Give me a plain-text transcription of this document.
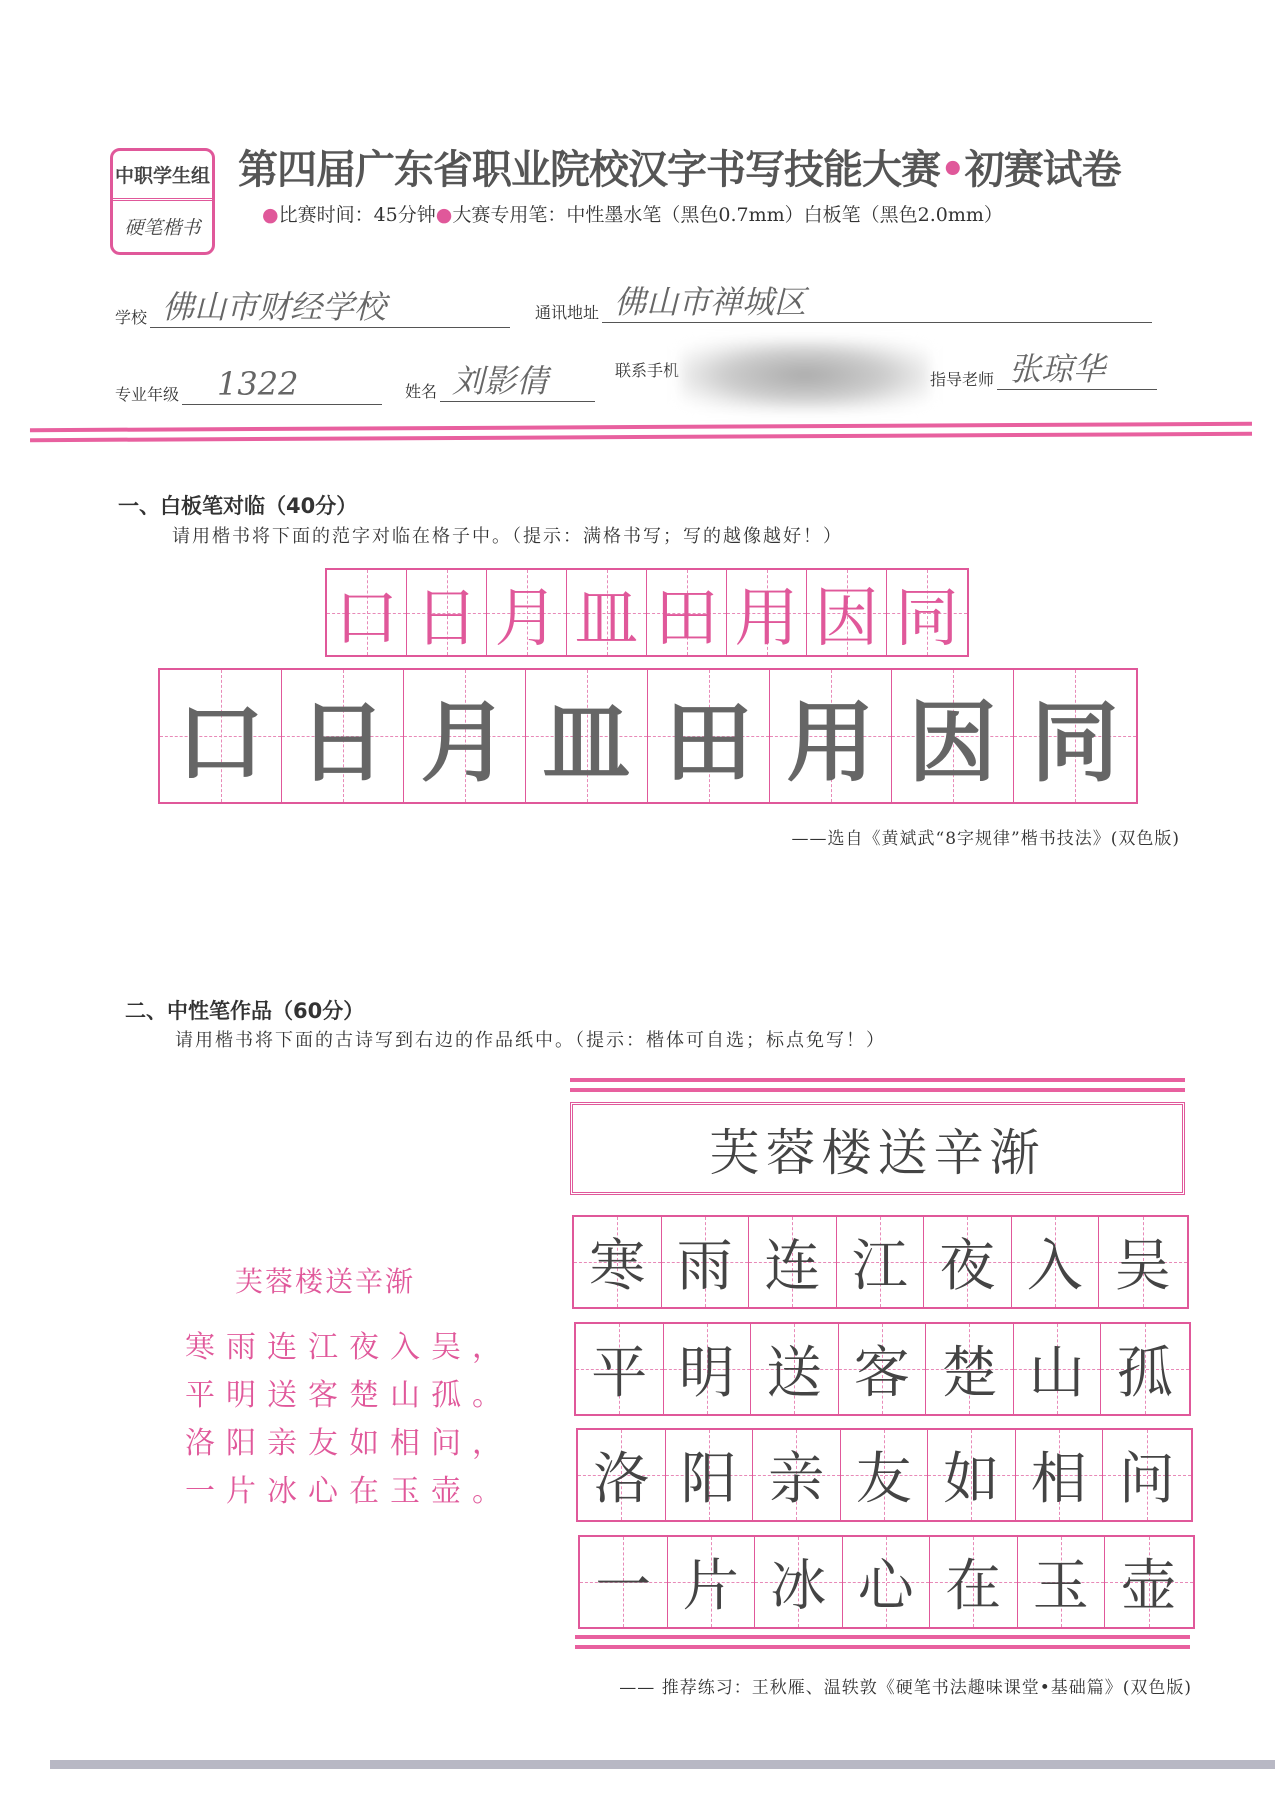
中职学生组
硬笔楷书
第四届广东省职业院校汉字书写技能大赛•初赛试卷
●比赛时间：45分钟●大赛专用笔：中性墨水笔（黑色0.7mm）白板笔（黑色2.0mm）
学校 佛山市财经学校	通讯地址 佛山市禅城区
专业年级	1322	姓名 刘影倩	联系手机	指导老师 张琼华
一、白板笔对临（40分）
请用楷书将下面的范字对临在格子中。（提示：满格书写；写的越像越好！）
口 日 月 皿 田 用 因 同
口 日 月 皿 田 用 因 同
——选自《黄斌武“8字规律”楷书技法》(双色版)
二、中性笔作品（60分）
请用楷书将下面的古诗写到右边的作品纸中。（提示：楷体可自选；标点免写！）
芙蓉楼送辛渐
寒雨连江夜入吴，
平明送客楚山孤。
洛阳亲友如相问，
一片冰心在玉壶。
芙蓉楼送辛渐
寒 雨 连 江 夜 入 吴
平 明 送 客 楚 山 孤
洛 阳 亲 友 如 相 问
一 片 冰 心 在 玉 壶
—— 推荐练习：王秋雁、温轶敦《硬笔书法趣味课堂•基础篇》(双色版)
